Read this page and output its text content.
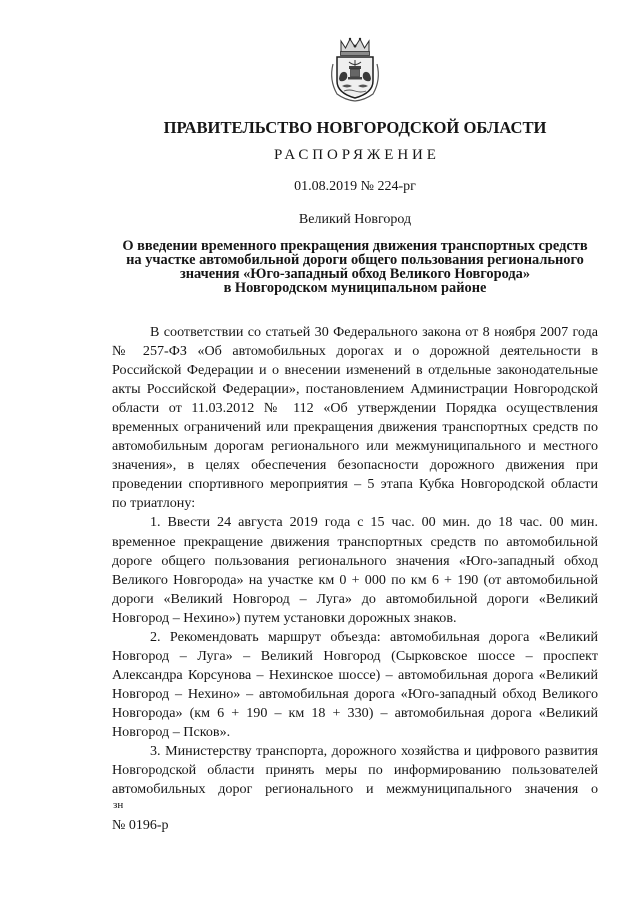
ПРАВИТЕЛЬСТВО НОВГОРОДСКОЙ ОБЛАСТИ
РАСПОРЯЖЕНИЕ
01.08.2019 № 224-рг
Великий Новгород
О введении временного прекращения движения транспортных средств
на участке автомобильной дороги общего пользования регионального
значения «Юго-западный обход Великого Новгорода»
в Новгородском муниципальном районе
В соответствии со статьей 30 Федерального закона от 8 ноября 2007 года
№ 257-ФЗ «Об автомобильных дорогах и о дорожной деятельности в
Российской Федерации и о внесении изменений в отдельные законодательные
акты Российской Федерации», постановлением Администрации Новгородской
области от 11.03.2012 № 112 «Об утверждении Порядка осуществления
временных ограничений или прекращения движения транспортных средств по
автомобильным дорогам регионального или межмуниципального и местного
значения», в целях обеспечения безопасности дорожного движения при
проведении спортивного мероприятия – 5 этапа Кубка Новгородской области
по триатлону:
1. Ввести 24 августа 2019 года с 15 час. 00 мин. до 18 час. 00 мин.
временное прекращение движения транспортных средств по автомобильной
дороге общего пользования регионального значения «Юго-западный обход
Великого Новгорода» на участке км 0 + 000 по км 6 + 190 (от автомобильной
дороги «Великий Новгород – Луга» до автомобильной дороги «Великий
Новгород – Нехино») путем установки дорожных знаков.
2. Рекомендовать маршрут объезда: автомобильная дорога «Великий
Новгород – Луга» – Великий Новгород (Сырковское шоссе – проспект
Александра Корсунова – Нехинское шоссе) – автомобильная дорога «Великий
Новгород – Нехино» – автомобильная дорога «Юго-западный обход Великого
Новгорода» (км 6 + 190 – км 18 + 330) – автомобильная дорога «Великий
Новгород – Псков».
3. Министерству транспорта, дорожного хозяйства и цифрового развития
Новгородской области принять меры по информированию пользователей
автомобильных дорог регионального и межмуниципального значения о
зн
№ 0196-р
